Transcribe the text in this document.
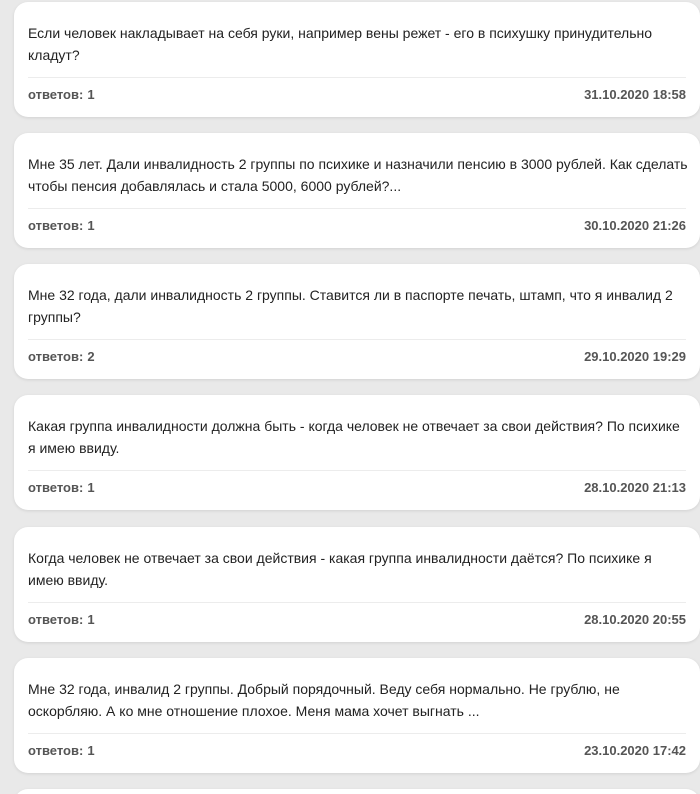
Если человек накладывает на себя руки, например вены режет - его в психушку принудительно кладут?

ответов: 1	31.10.2020 18:58

Мне 35 лет. Дали инвалидность 2 группы по психике и назначили пенсию в 3000 рублей. Как сделать чтобы пенсия добавлялась и стала 5000, 6000 рублей?...

ответов: 1	30.10.2020 21:26

Мне 32 года, дали инвалидность 2 группы. Ставится ли в паспорте печать, штамп, что я инвалид 2 группы?

ответов: 2	29.10.2020 19:29

Какая группа инвалидности должна быть - когда человек не отвечает за свои действия? По психике я имею ввиду.

ответов: 1	28.10.2020 21:13

Когда человек не отвечает за свои действия - какая группа инвалидности даётся? По психике я имею ввиду.

ответов: 1	28.10.2020 20:55

Мне 32 года, инвалид 2 группы. Добрый порядочный. Веду себя нормально. Не грублю, не оскорбляю. А ко мне отношение плохое. Меня мама хочет выгнать ...

ответов: 1	23.10.2020 17:42
